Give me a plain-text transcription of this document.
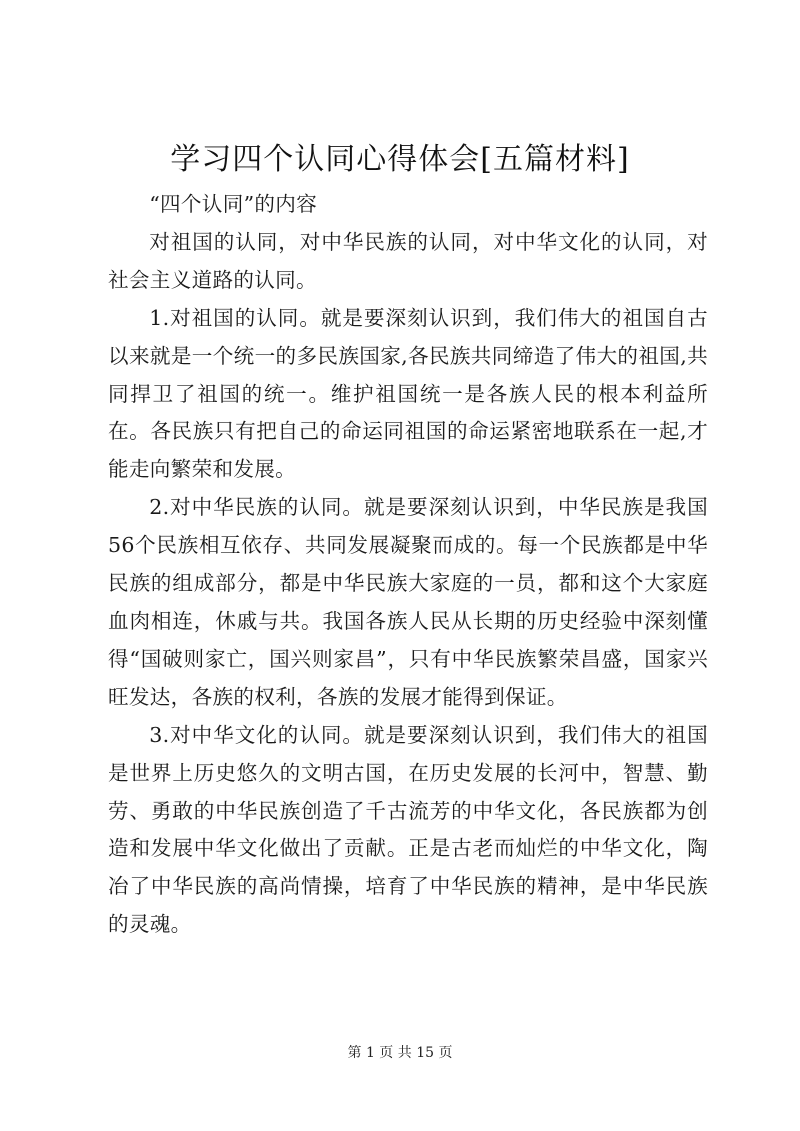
学习四个认同心得体会[五篇材料]

“四个认同”的内容

对祖国的认同，对中华民族的认同，对中华文化的认同，对社会主义道路的认同。

1.对祖国的认同。就是要深刻认识到，我们伟大的祖国自古以来就是一个统一的多民族国家,各民族共同缔造了伟大的祖国,共同捍卫了祖国的统一。维护祖国统一是各族人民的根本利益所在。各民族只有把自己的命运同祖国的命运紧密地联系在一起,才能走向繁荣和发展。

2.对中华民族的认同。就是要深刻认识到，中华民族是我国56个民族相互依存、共同发展凝聚而成的。每一个民族都是中华民族的组成部分，都是中华民族大家庭的一员，都和这个大家庭血肉相连，休戚与共。我国各族人民从长期的历史经验中深刻懂得“国破则家亡，国兴则家昌”，只有中华民族繁荣昌盛，国家兴旺发达，各族的权利，各族的发展才能得到保证。

3.对中华文化的认同。就是要深刻认识到，我们伟大的祖国是世界上历史悠久的文明古国，在历史发展的长河中，智慧、勤劳、勇敢的中华民族创造了千古流芳的中华文化，各民族都为创造和发展中华文化做出了贡献。正是古老而灿烂的中华文化，陶冶了中华民族的高尚情操，培育了中华民族的精神，是中华民族的灵魂。

第 1 页 共 15 页
